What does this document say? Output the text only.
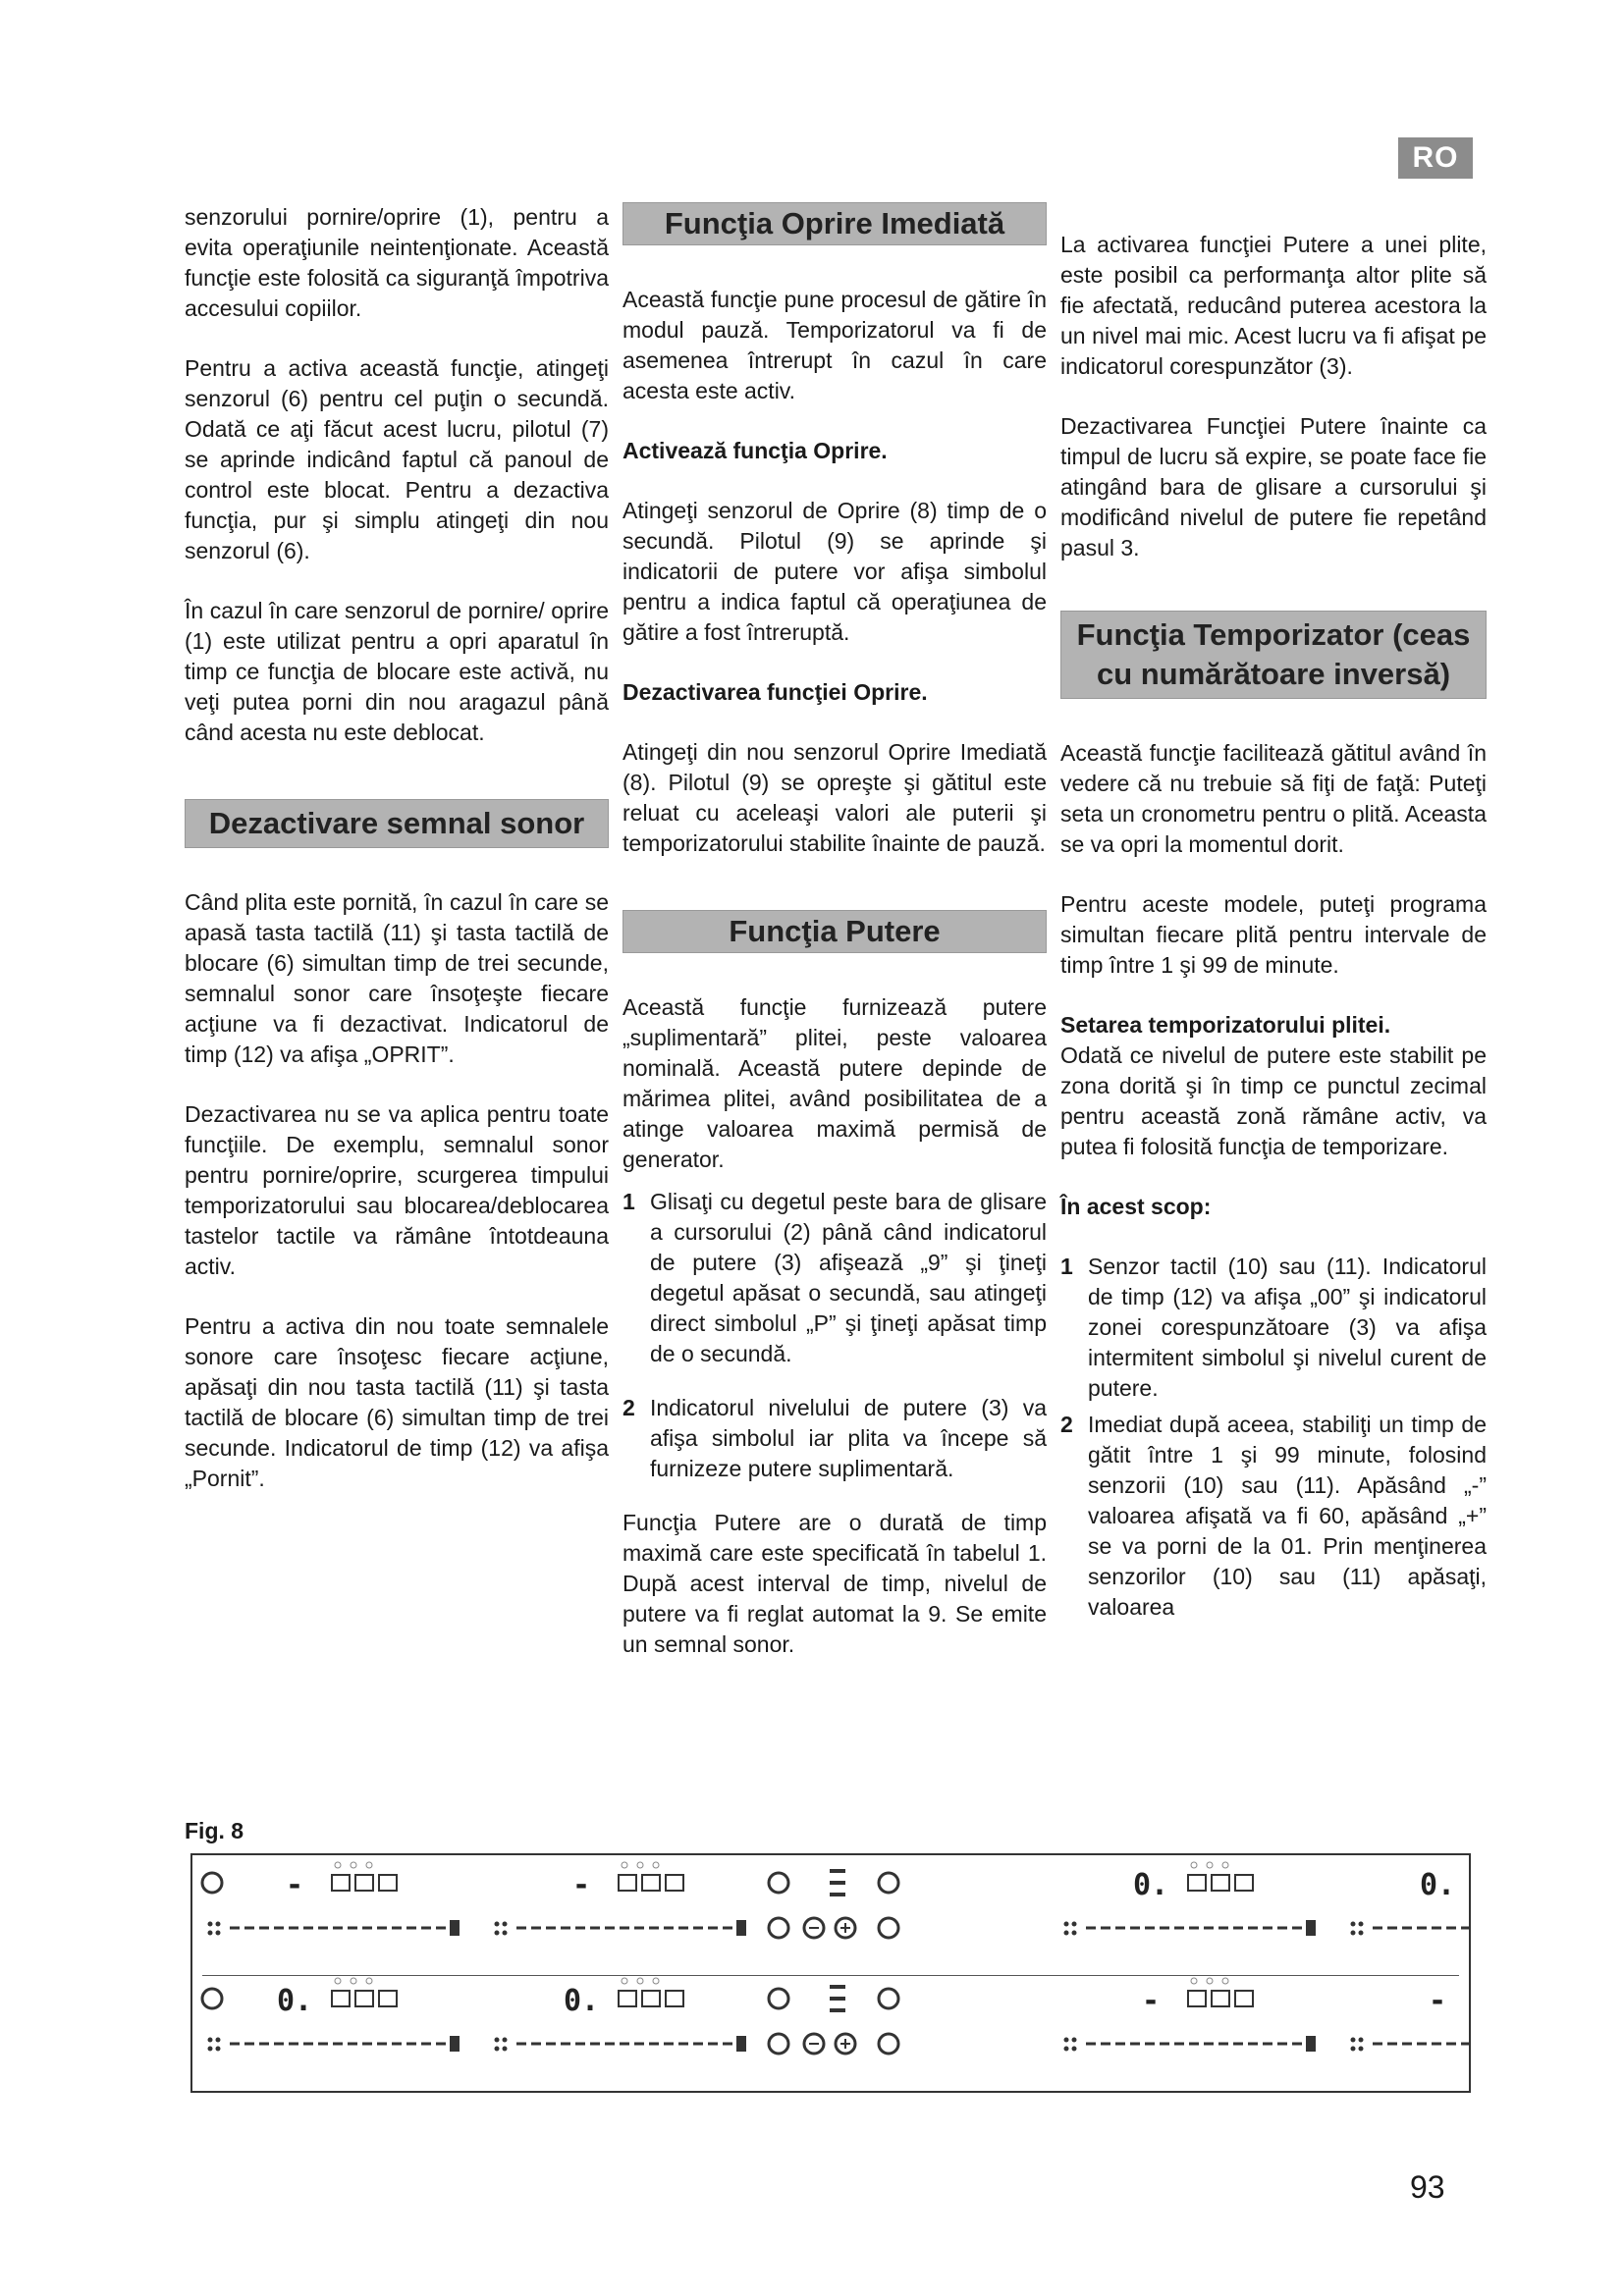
RO

senzorului pornire/oprire (1), pentru a evita operaţiunile neintenţionate. Această funcţie este folosită ca siguranţă împotriva accesului copiilor.

Pentru a activa această funcţie, atingeţi senzorul (6) pentru cel puţin o secundă. Odată ce aţi făcut acest lucru, pilotul (7) se aprinde indicând faptul că panoul de control este blocat. Pentru a dezactiva funcţia, pur şi simplu atingeţi din nou senzorul (6).

În cazul în care senzorul de pornire/ oprire (1) este utilizat pentru a opri aparatul în timp ce funcţia de blocare este activă, nu veţi putea porni din nou aragazul până când acesta nu este deblocat.

Dezactivare semnal sonor

Când plita este pornită, în cazul în care se apasă tasta tactilă (11) şi tasta tactilă de blocare (6) simultan timp de trei secunde, semnalul sonor care însoţeşte fiecare acţiune va fi dezactivat. Indicatorul de timp (12) va afişa „OPRIT”.

Dezactivarea nu se va aplica pentru toate funcţiile. De exemplu, semnalul sonor pentru pornire/oprire, scurgerea timpului temporizatorului sau blocarea/deblocarea tastelor tactile va rămâne întotdeauna activ.

Pentru a activa din nou toate semnalele sonore care însoţesc fiecare acţiune, apăsaţi din nou tasta tactilă (11) şi tasta tactilă de blocare (6) simultan timp de trei secunde. Indicatorul de timp (12) va afişa „Pornit”.

Funcţia Oprire Imediată

Această funcţie pune procesul de gătire în modul pauză. Temporizatorul va fi de asemenea întrerupt în cazul în care acesta este activ.

Activează funcţia Oprire.

Atingeţi senzorul de Oprire (8) timp de o secundă. Pilotul (9) se aprinde şi indicatorii de putere vor afişa simbolul pentru a indica faptul că operaţiunea de gătire a fost întreruptă.

Dezactivarea funcţiei Oprire.

Atingeţi din nou senzorul Oprire Imediată (8). Pilotul (9) se opreşte şi gătitul este reluat cu aceleaşi valori ale puterii şi temporizatorului stabilite înainte de pauză.

Funcţia Putere

Această funcţie furnizează putere „suplimentară” plitei, peste valoarea nominală. Această putere depinde de mărimea plitei, având posibilitatea de a atinge valoarea maximă permisă de generator.

1 Glisaţi cu degetul peste bara de glisare a cursorului (2) până când indicatorul de putere (3) afişează „9” şi ţineţi degetul apăsat o secundă, sau atingeţi direct simbolul „P” şi ţineţi apăsat timp de o secundă.
2 Indicatorul nivelului de putere (3) va afişa simbolul iar plita va începe să furnizeze putere suplimentară.

Funcţia Putere are o durată de timp maximă care este specificată în tabelul 1. După acest interval de timp, nivelul de putere va fi reglat automat la 9. Se emite un semnal sonor.

La activarea funcţiei Putere a unei plite, este posibil ca performanţa altor plite să fie afectată, reducând puterea acestora la un nivel mai mic. Acest lucru va fi afişat pe indicatorul corespunzător (3).

Dezactivarea Funcţiei Putere înainte ca timpul de lucru să expire, se poate face fie atingând bara de glisare a cursorului şi modificând nivelul de putere fie repetând pasul 3.

Funcţia Temporizator (ceas cu numărătoare inversă)

Această funcţie facilitează gătitul având în vedere că nu trebuie să fiţi de faţă: Puteţi seta un cronometru pentru o plită. Aceasta se va opri la momentul dorit.

Pentru aceste modele, puteţi programa simultan fiecare plită pentru intervale de timp între 1 şi 99 de minute.

Setarea temporizatorului plitei.

Odată ce nivelul de putere este stabilit pe zona dorită şi în timp ce punctul zecimal pentru această zonă rămâne activ, va putea fi folosită funcţia de temporizare.

În acest scop:
1 Senzor tactil (10) sau (11). Indicatorul de timp (12) va afişa „00” şi indicatorul zonei corespunzătoare (3) va afişa intermitent simbolul şi nivelul curent de putere.
2 Imediat după aceea, stabiliţi un timp de gătit între 1 şi 99 minute, folosind senzorii (10) sau (11). Apăsând „-” valoarea afişată va fi 60, apăsând „+” se va porni de la 01. Prin menţinerea senzorilor (10) sau (11) apăsaţi, valoarea
Fig. 8
-	-	0.	0.
0.	0.	-	-
93
